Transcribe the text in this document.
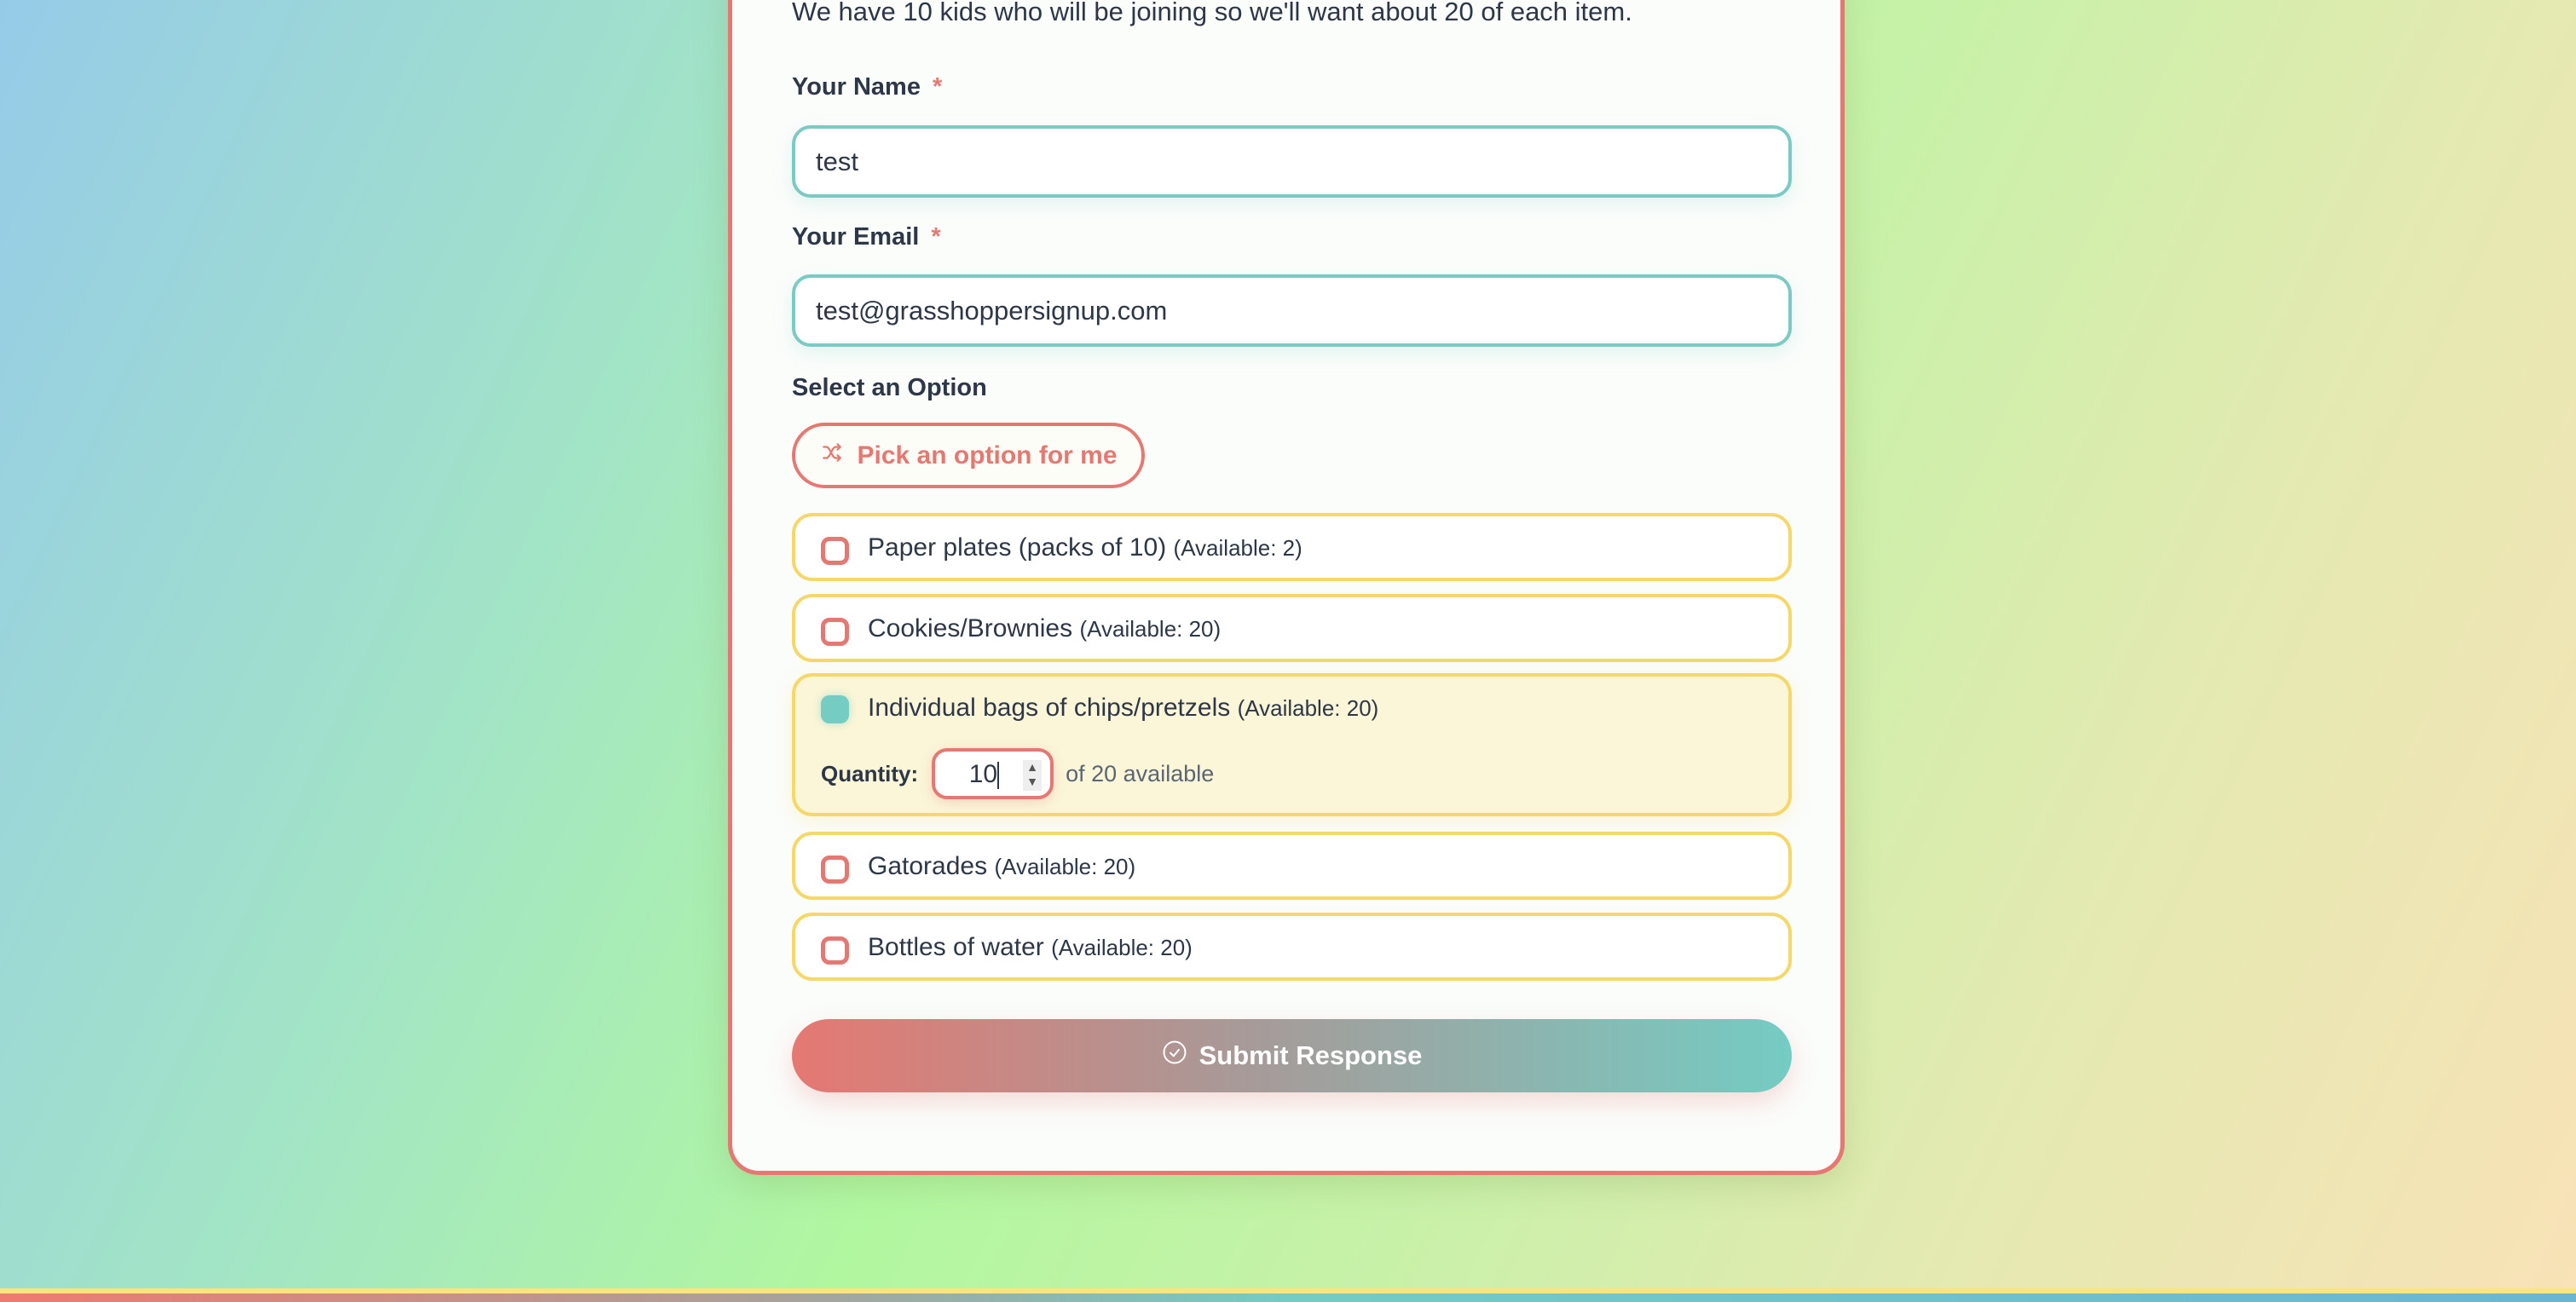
We have 10 kids who will be joining so we'll want about 20 of each item.
Your Name *
test
Your Email *
test@grasshoppersignup.com
Select an Option
Pick an option for me
Paper plates (packs of 10) (Available: 2)
Cookies/Brownies (Available: 20)
Individual bags of chips/pretzels (Available: 20)
Quantity: 10 ▲
▼ of 20 available
Gatorades (Available: 20)
Bottles of water (Available: 20)
Submit Response
